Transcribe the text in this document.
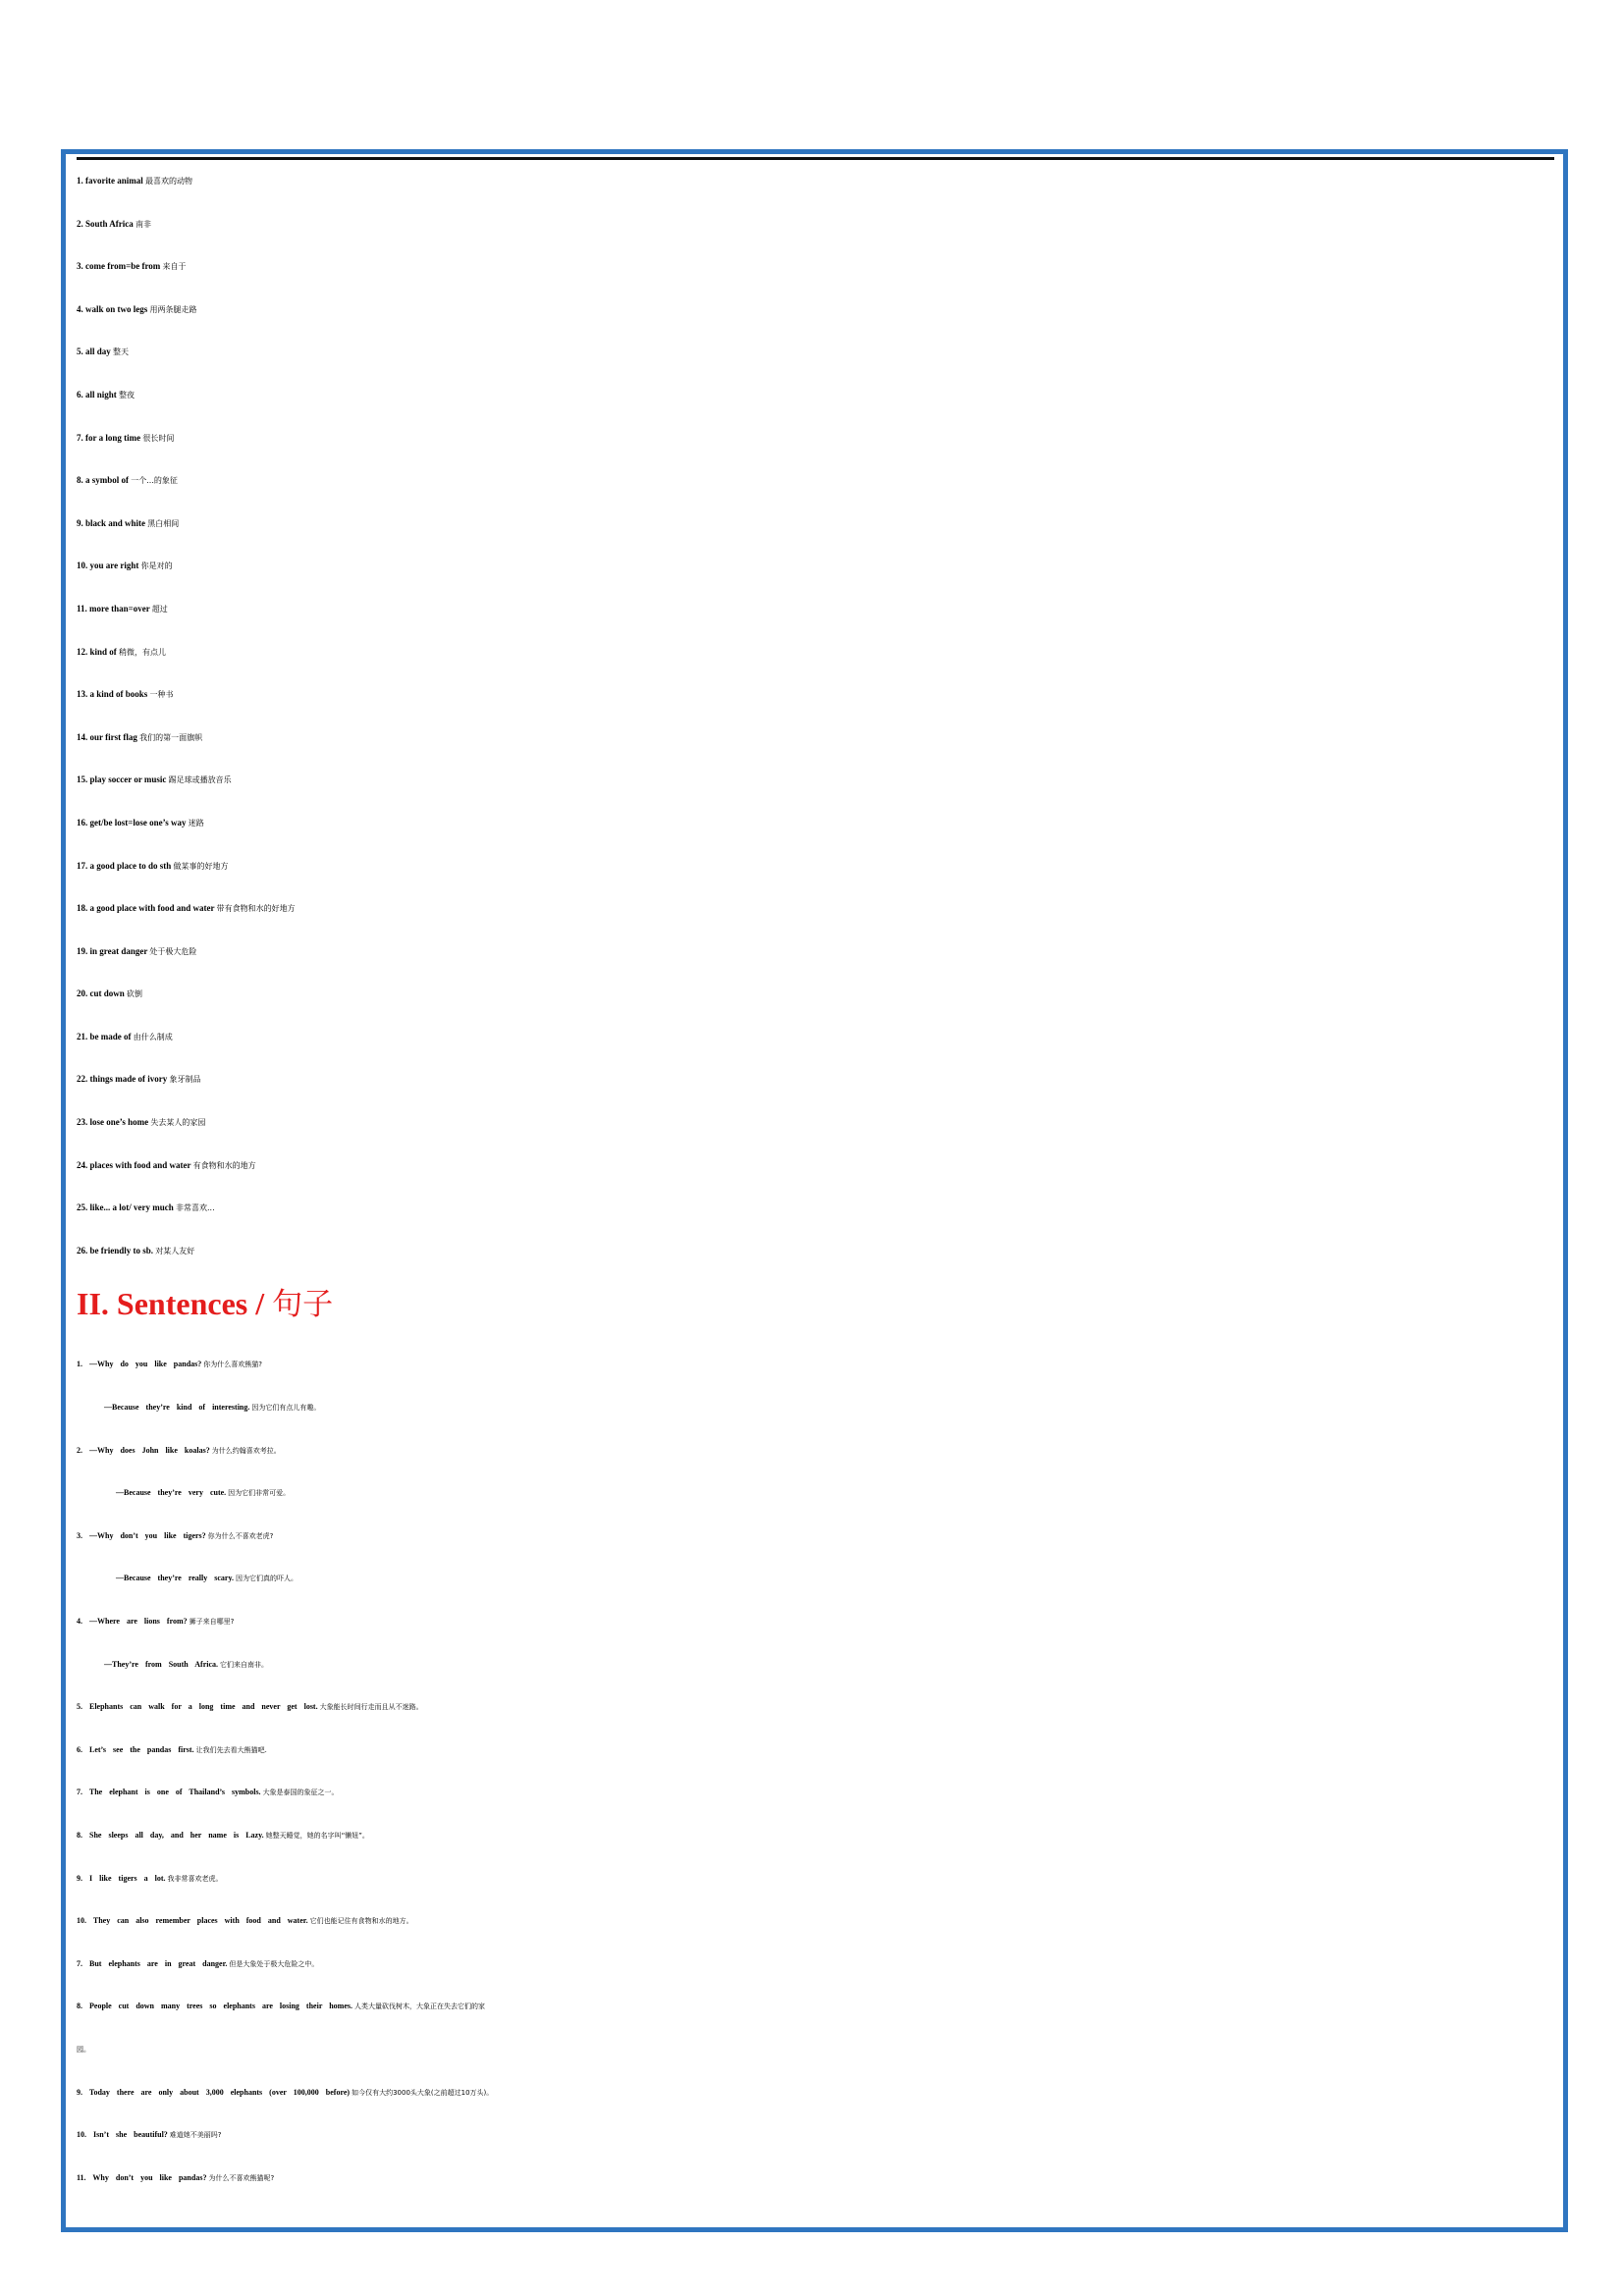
1. favorite animal 最喜欢的动物
2. South Africa 南非
3. come from=be from 来自于
4. walk on two legs 用两条腿走路
5. all day 整天
6. all night 整夜
7. for a long time 很长时间
8. a symbol of 一个...的象征
9. black and white 黑白相间
10. you are right 你是对的
11. more than=over 超过
12. kind of 稍微，有点儿
13. a kind of books 一种书
14. our first flag 我们的第一面旗帜
15. play soccer or music 踢足球或播放音乐
16. get/be lost=lose one’s way 迷路
17. a good place to do sth 做某事的好地方
18. a good place with food and water 带有食物和水的好地方
19. in great danger 处于极大危险
20. cut down 砍倒
21. be made of 由什么制成
22. things made of ivory 象牙制品
23. lose one’s home 失去某人的家园
24. places with food and water 有食物和水的地方
25. like... a lot/ very much 非常喜欢...
26. be friendly to sb. 对某人友好
II. Sentences / 句子
1. —Why do you like pandas? 你为什么喜欢熊猫?
—Because they’re kind of interesting. 因为它们有点儿有趣。
2. —Why does John like koalas? 为什么约翰喜欢考拉。
—Because they’re very cute. 因为它们非常可爱。
3. —Why don’t you like tigers? 你为什么不喜欢老虎?
—Because they’re really scary. 因为它们真的吓人。
4. —Where are lions from? 狮子来自哪里?
—They’re from South Africa. 它们来自南非。
5. Elephants can walk for a long time and never get lost. 大象能长时间行走而且从不迷路。
6. Let’s see the pandas first. 让我们先去看大熊猫吧.
7. The elephant is one of Thailand’s symbols. 大象是泰国的象征之一。
8. She sleeps all day, and her name is Lazy. 她整天睡觉，她的名字叫“懒妞”。
9. I like tigers a lot. 我非常喜欢老虎。
10. They can also remember places with food and water. 它们也能记住有食物和水的地方。
7. But elephants are in great danger. 但是大象处于极大危险之中。
8. People cut down many trees so elephants are losing their homes. 人类大量砍伐树木，大象正在失去它们的家
园。
9. Today there are only about 3,000 elephants (over 100,000 before) 如今仅有大约3000头大象(之前超过10万头)。
10. Isn’t she beautiful? 难道她不美丽吗?
11. Why don’t you like pandas? 为什么不喜欢熊猫呢?
